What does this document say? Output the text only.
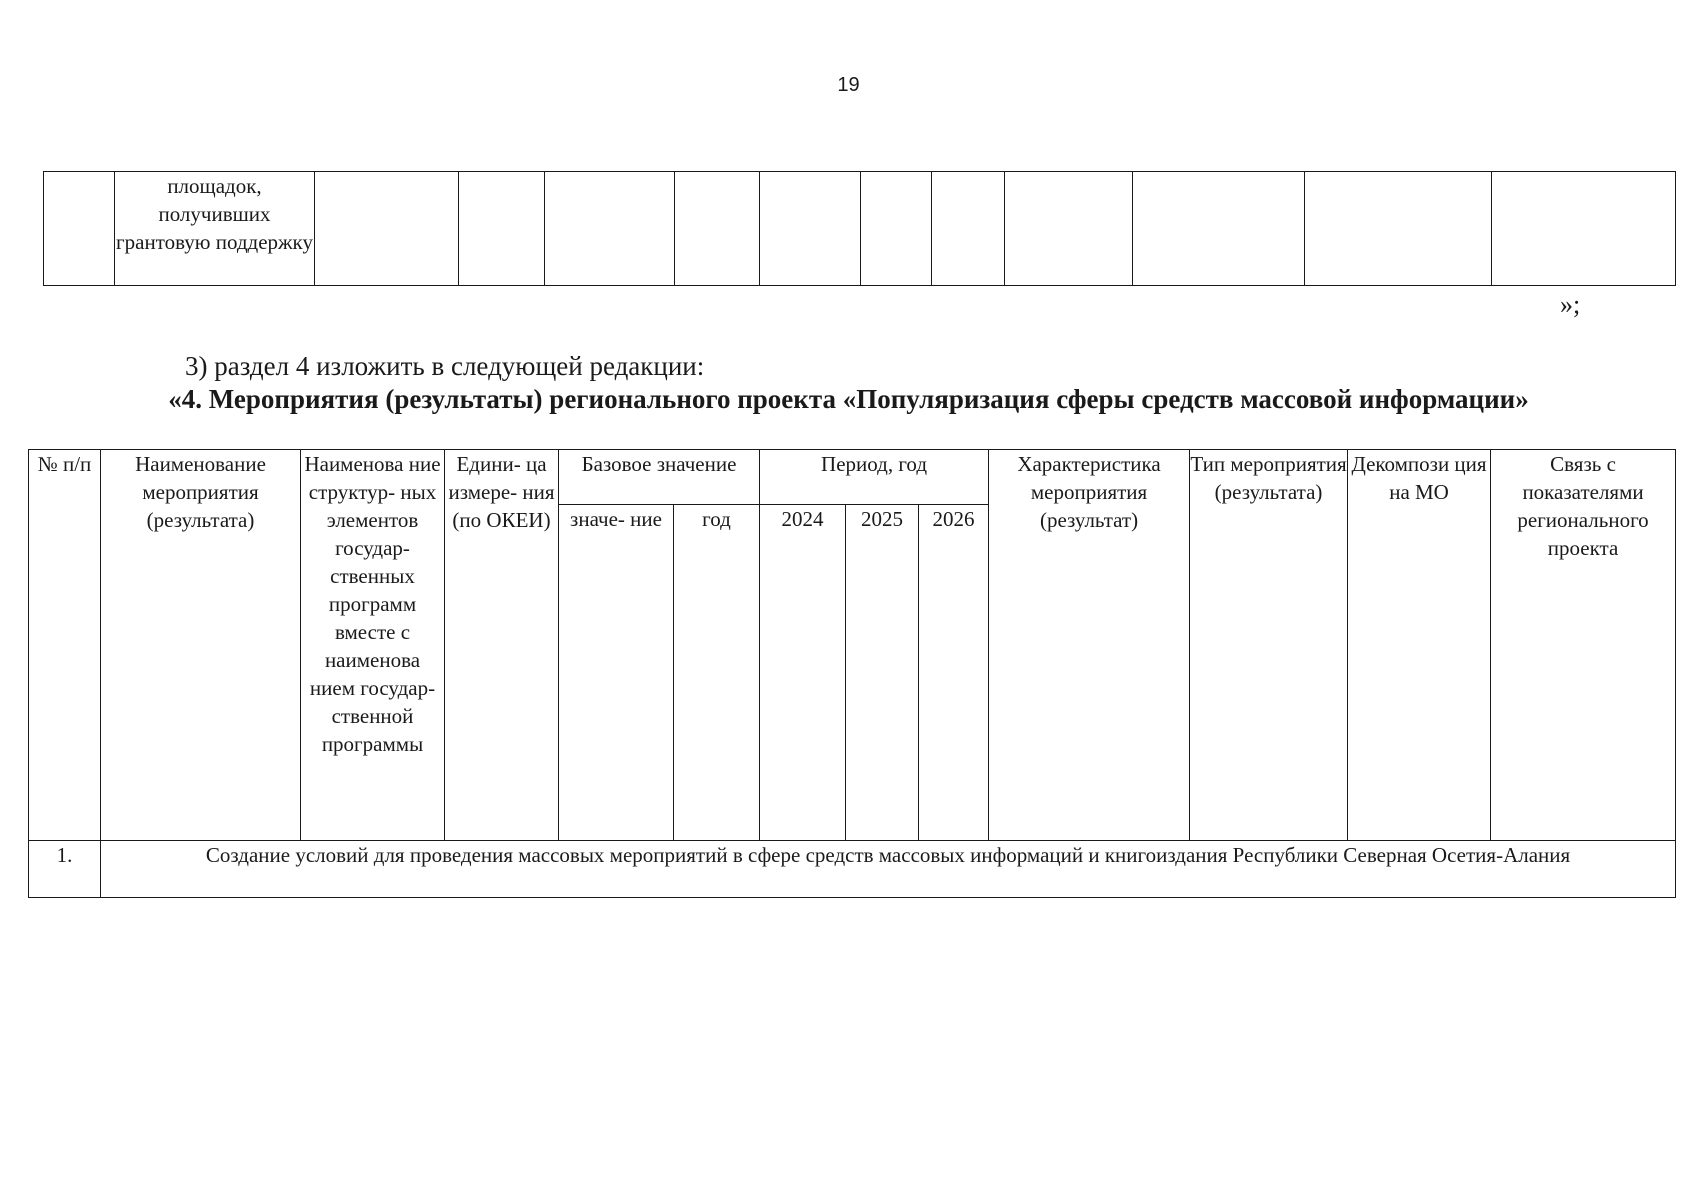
19
	площадок, получивших грантовую поддержку											
»;
3) раздел 4 изложить в следующей редакции:
«4. Мероприятия (результаты) регионального проекта «Популяризация сферы средств массовой информации»
№ п/п	Наименование мероприятия (результата)	Наименова ние структур- ных элементов государ- ственных программ вместе с наименова нием государ- ственной программы	Едини- ца измере- ния (по ОКЕИ)	Базовое значение		Период, год			Характеристика мероприятия (результат)	Тип мероприятия (результата)	Декомпози ция на МО	Связь с показателями регионального проекта
				значе- ние	год	2024	2025	2026				
1.	Создание условий для проведения массовых мероприятий в сфере средств массовых информаций и книгоиздания Республики Северная Осетия-Алания											
